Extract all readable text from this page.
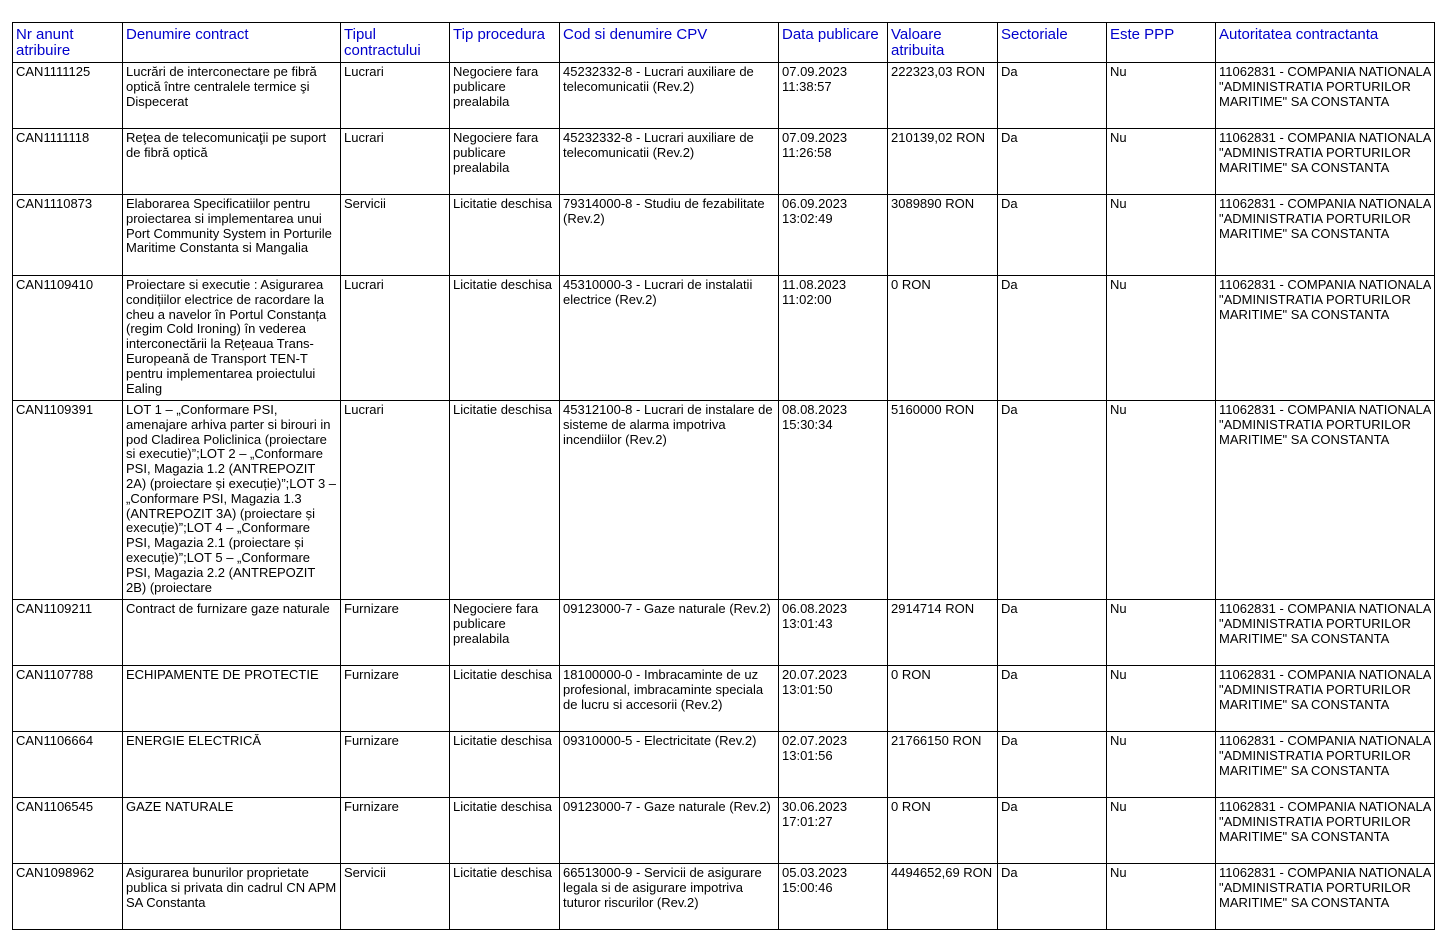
Nr anunt atribuire	Denumire contract	Tipul contractului	Tip procedura	Cod si denumire CPV	Data publicare	Valoare atribuita	Sectoriale	Este PPP	Autoritatea contractanta

CAN1111125	Lucrări de interconectare pe fibră optică între centralele termice şi Dispecerat	Lucrari	Negociere fara publicare prealabila	45232332-8 - Lucrari auxiliare de telecomunicatii (Rev.2)	07.09.2023 11:38:57	222323,03 RON	Da	Nu	11062831 - COMPANIA NATIONALA "ADMINISTRATIA PORTURILOR MARITIME" SA CONSTANTA

CAN1111118	Reţea de telecomunicaţii pe suport de fibră optică	Lucrari	Negociere fara publicare prealabila	45232332-8 - Lucrari auxiliare de telecomunicatii (Rev.2)	07.09.2023 11:26:58	210139,02 RON	Da	Nu	11062831 - COMPANIA NATIONALA "ADMINISTRATIA PORTURILOR MARITIME" SA CONSTANTA

CAN1110873	Elaborarea Specificatiilor pentru proiectarea si implementarea unui Port Community System in Porturile Maritime Constanta si Mangalia	Servicii	Licitatie deschisa	79314000-8 - Studiu de fezabilitate (Rev.2)	06.09.2023 13:02:49	3089890 RON	Da	Nu	11062831 - COMPANIA NATIONALA "ADMINISTRATIA PORTURILOR MARITIME" SA CONSTANTA

CAN1109410	Proiectare si executie : Asigurarea condițiilor electrice de racordare la cheu a navelor în Portul Constanța (regim Cold Ironing) în vederea interconectării la Rețeaua Trans-Europeană de Transport TEN-T pentru implementarea proiectului Ealing	Lucrari	Licitatie deschisa	45310000-3 - Lucrari de instalatii electrice (Rev.2)	11.08.2023 11:02:00	0 RON	Da	Nu	11062831 - COMPANIA NATIONALA "ADMINISTRATIA PORTURILOR MARITIME" SA CONSTANTA

CAN1109391	LOT 1 – „Conformare PSI, amenajare arhiva parter si birouri in pod Cladirea Policlinica (proiectare si executie)”;LOT 2 – „Conformare PSI, Magazia 1.2 (ANTREPOZIT 2A) (proiectare și execuție)”;LOT 3 – „Conformare PSI, Magazia 1.3 (ANTREPOZIT 3A) (proiectare și execuție)”;LOT 4 – „Conformare PSI, Magazia 2.1 (proiectare și execuție)”;LOT 5 – „Conformare PSI, Magazia 2.2 (ANTREPOZIT 2B) (proiectare	Lucrari	Licitatie deschisa	45312100-8 - Lucrari de instalare de sisteme de alarma impotriva incendiilor (Rev.2)	08.08.2023 15:30:34	5160000 RON	Da	Nu	11062831 - COMPANIA NATIONALA "ADMINISTRATIA PORTURILOR MARITIME" SA CONSTANTA

CAN1109211	Contract de furnizare gaze naturale	Furnizare	Negociere fara publicare prealabila	09123000-7 - Gaze naturale (Rev.2)	06.08.2023 13:01:43	2914714 RON	Da	Nu	11062831 - COMPANIA NATIONALA "ADMINISTRATIA PORTURILOR MARITIME" SA CONSTANTA

CAN1107788	ECHIPAMENTE DE PROTECTIE	Furnizare	Licitatie deschisa	18100000-0 - Imbracaminte de uz profesional, imbracaminte speciala de lucru si accesorii (Rev.2)	20.07.2023 13:01:50	0 RON	Da	Nu	11062831 - COMPANIA NATIONALA "ADMINISTRATIA PORTURILOR MARITIME" SA CONSTANTA

CAN1106664	ENERGIE ELECTRICĂ	Furnizare	Licitatie deschisa	09310000-5 - Electricitate (Rev.2)	02.07.2023 13:01:56	21766150 RON	Da	Nu	11062831 - COMPANIA NATIONALA "ADMINISTRATIA PORTURILOR MARITIME" SA CONSTANTA

CAN1106545	GAZE NATURALE	Furnizare	Licitatie deschisa	09123000-7 - Gaze naturale (Rev.2)	30.06.2023 17:01:27	0 RON	Da	Nu	11062831 - COMPANIA NATIONALA "ADMINISTRATIA PORTURILOR MARITIME" SA CONSTANTA

CAN1098962	Asigurarea bunurilor proprietate publica si privata din cadrul CN APM SA Constanta	Servicii	Licitatie deschisa	66513000-9 - Servicii de asigurare legala si de asigurare impotriva tuturor riscurilor (Rev.2)	05.03.2023 15:00:46	4494652,69 RON	Da	Nu	11062831 - COMPANIA NATIONALA "ADMINISTRATIA PORTURILOR MARITIME" SA CONSTANTA
